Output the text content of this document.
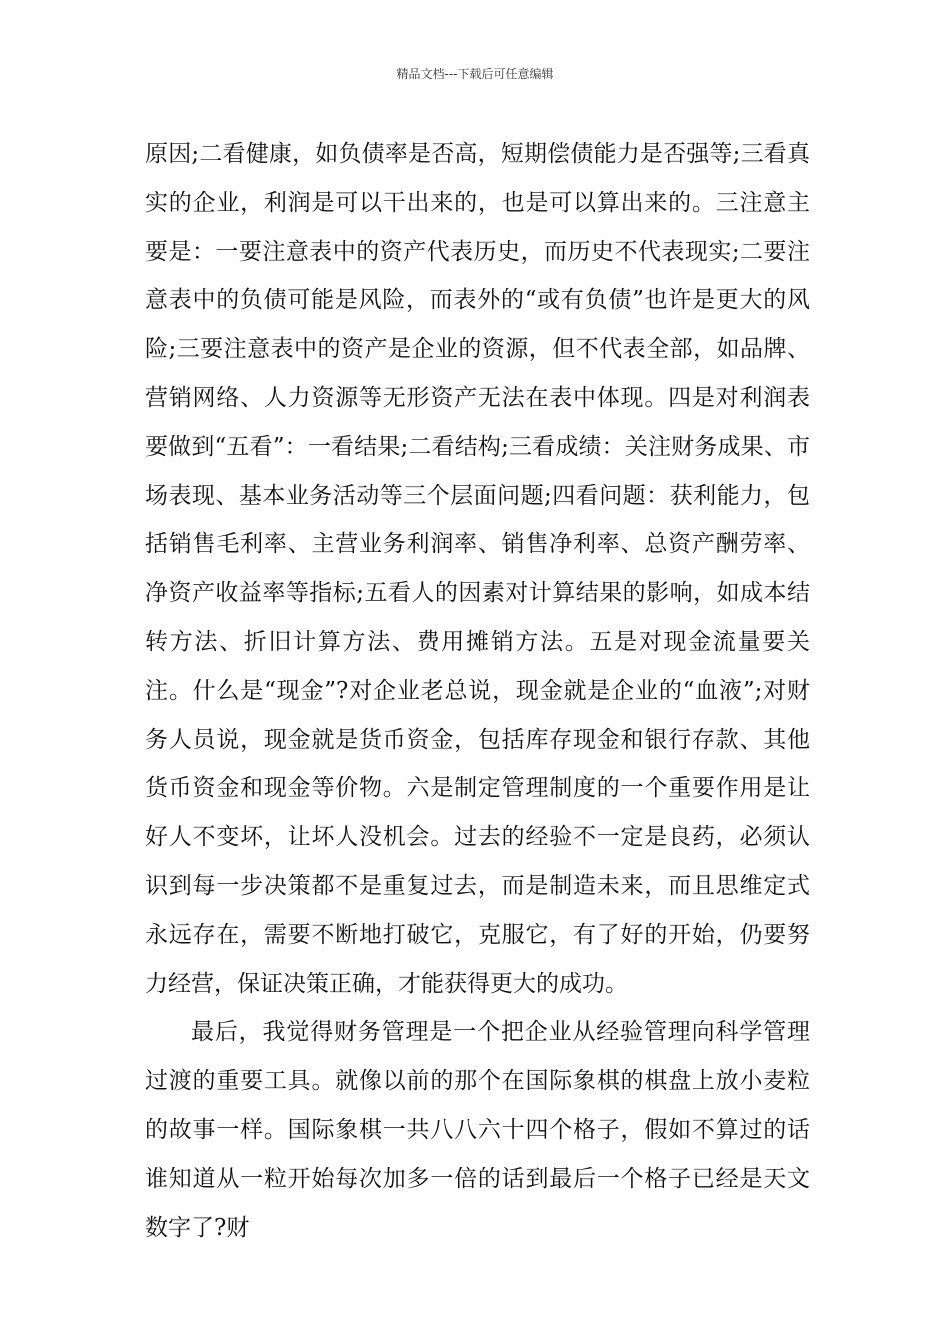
精品文档---下载后可任意编辑

原因;二看健康，如负债率是否高，短期偿债能力是否强等;三看真实的企业，利润是可以干出来的，也是可以算出来的。三注意主要是：一要注意表中的资产代表历史，而历史不代表现实;二要注意表中的负债可能是风险，而表外的“或有负债”也许是更大的风险;三要注意表中的资产是企业的资源，但不代表全部，如品牌、营销网络、人力资源等无形资产无法在表中体现。四是对利润表要做到“五看”：一看结果;二看结构;三看成绩：关注财务成果、市场表现、基本业务活动等三个层面问题;四看问题：获利能力，包括销售毛利率、主营业务利润率、销售净利率、总资产酬劳率、净资产收益率等指标;五看人的因素对计算结果的影响，如成本结转方法、折旧计算方法、费用摊销方法。五是对现金流量要关注。什么是“现金”?对企业老总说，现金就是企业的“血液”;对财务人员说，现金就是货币资金，包括库存现金和银行存款、其他货币资金和现金等价物。六是制定管理制度的一个重要作用是让好人不变坏，让坏人没机会。过去的经验不一定是良药，必须认识到每一步决策都不是重复过去，而是制造未来，而且思维定式永远存在，需要不断地打破它，克服它，有了好的开始，仍要努力经营，保证决策正确，才能获得更大的成功。

最后，我觉得财务管理是一个把企业从经验管理向科学管理过渡的重要工具。就像以前的那个在国际象棋的棋盘上放小麦粒的故事一样。国际象棋一共八八六十四个格子，假如不算过的话谁知道从一粒开始每次加多一倍的话到最后一个格子已经是天文数字了?财
